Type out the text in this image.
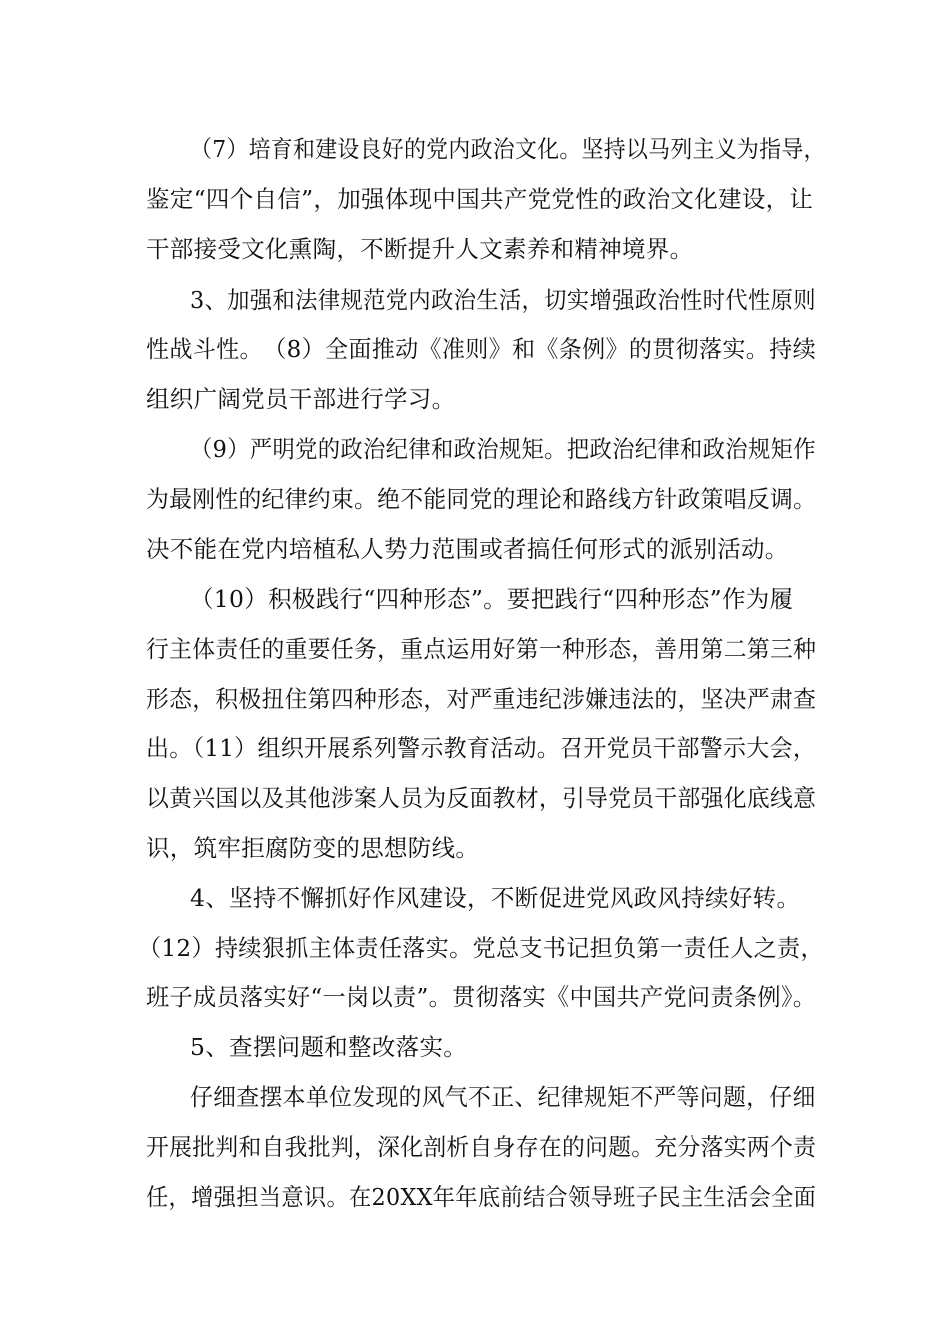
（7）培育和建设良好的党内政治文化。坚持以马列主义为指导，
鉴定“四个自信”，加强体现中国共产党党性的政治文化建设，让
干部接受文化熏陶，不断提升人文素养和精神境界。
3、加强和法律规范党内政治生活，切实增强政治性时代性原则
性战斗性。　（8）全面推动《准则》和《条例》的贯彻落实。持续
组织广阔党员干部进行学习。
（9）严明党的政治纪律和政治规矩。把政治纪律和政治规矩作
为最刚性的纪律约束。绝不能同党的理论和路线方针政策唱反调。
决不能在党内培植私人势力范围或者搞任何形式的派别活动。
（10）积极践行“四种形态”。要把践行“四种形态”作为履
行主体责任的重要任务，重点运用好第一种形态，善用第二第三种
形态，积极扭住第四种形态，对严重违纪涉嫌违法的，坚决严肃查
出。（11）组织开展系列警示教育活动。召开党员干部警示大会，
以黄兴国以及其他涉案人员为反面教材，引导党员干部强化底线意
识，筑牢拒腐防变的思想防线。
4、坚持不懈抓好作风建设，不断促进党风政风持续好转。
（12）持续狠抓主体责任落实。党总支书记担负第一责任人之责，
班子成员落实好“一岗以责”。贯彻落实《中国共产党问责条例》。
5、查摆问题和整改落实。
仔细查摆本单位发现的风气不正、纪律规矩不严等问题，仔细
开展批判和自我批判，深化剖析自身存在的问题。充分落实两个责
任，增强担当意识。在20XX年年底前结合领导班子民主生活会全面
